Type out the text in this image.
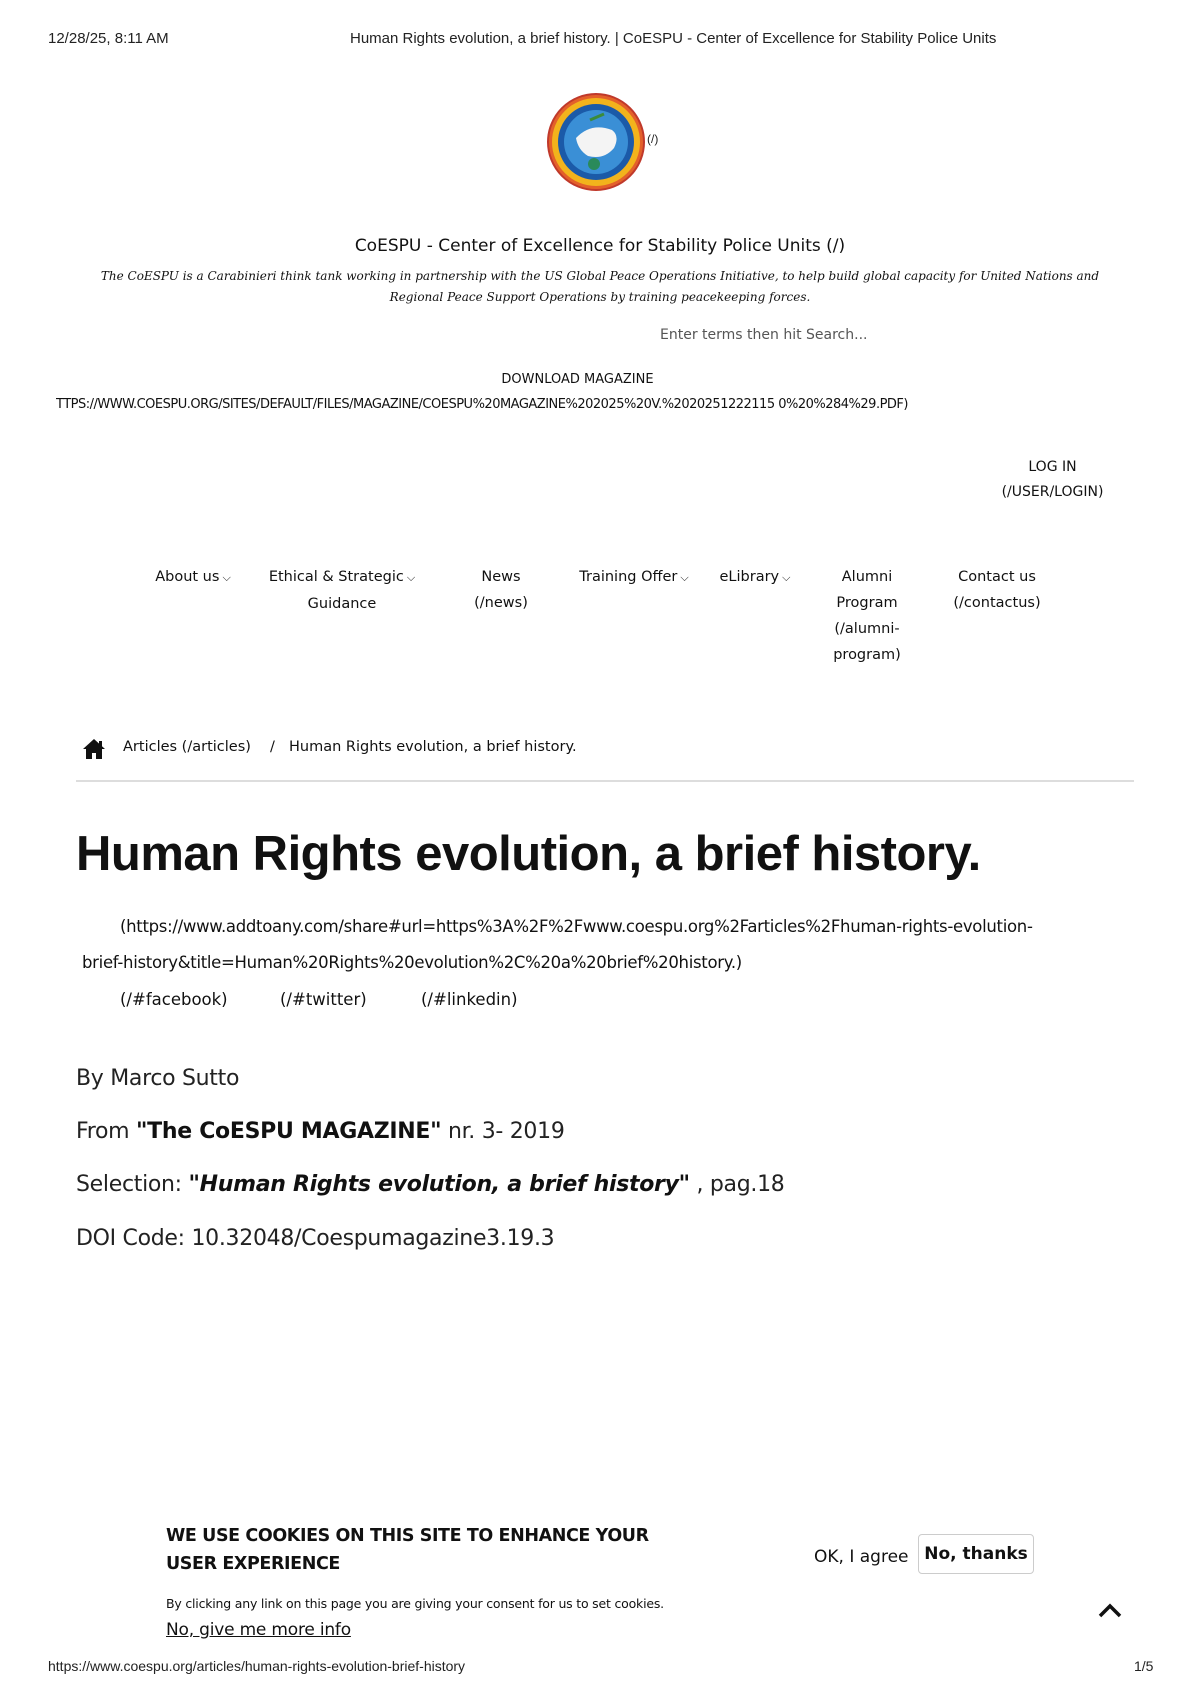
12/28/25, 8:11 AM	Human Rights evolution, a brief history. | CoESPU - Center of Excellence for Stability Police Units
(/)
CoESPU - Center of Excellence for Stability Police Units (/)
The CoESPU is a Carabinieri think tank working in partnership with the US Global Peace Operations Initiative, to help build global capacity for United Nations and Regional Peace Support Operations by training peacekeeping forces.
Enter terms then hit Search...
DOWNLOAD MAGAZINE
TTPS://WWW.COESPU.ORG/SITES/DEFAULT/FILES/MAGAZINE/COESPU%20MAGAZINE%202025%20V.%2020251222115 0%20%284%29.PDF)
LOG IN
(/USER/LOGIN)
About us ⌵	Ethical & Strategic ⌵
Guidance
News
(/news)
Training Offer ⌵	eLibrary ⌵	Alumni
Program
(/alumni-
program)
Contact us
(/contactus)
Articles (/articles) / Human Rights evolution, a brief history.
Human Rights evolution, a brief history.
(https://www.addtoany.com/share#url=https%3A%2F%2Fwww.coespu.org%2Farticles%2Fhuman-rights-evolution-
brief-history&title=Human%20Rights%20evolution%2C%20a%20brief%20history.)
(/#facebook)	(/#twitter)	(/#linkedin)
By Marco Sutto
From "The CoESPU MAGAZINE" nr. 3- 2019
Selection: "Human Rights evolution, a brief history" , pag.18
DOI Code: 10.32048/Coespumagazine3.19.3
WE USE COOKIES ON THIS SITE TO ENHANCE YOUR USER EXPERIENCE
By clicking any link on this page you are giving your consent for us to set cookies. No, give me more info
OK, I agree No, thanks
https://www.coespu.org/articles/human-rights-evolution-brief-history	1/5
